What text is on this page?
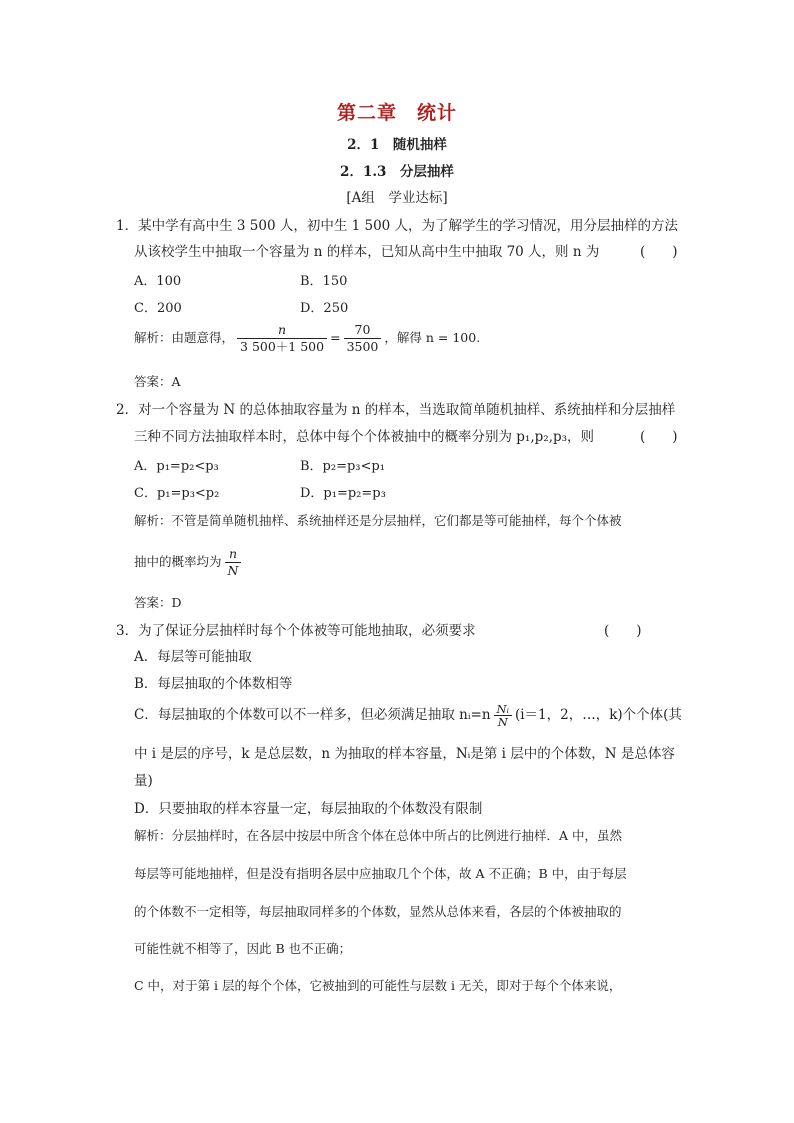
第二章　统计
2．1　随机抽样
2．1.3　分层抽样
[A组　学业达标]
1．某中学有高中生 3 500 人，初中生 1 500 人，为了解学生的学习情况，用分层抽样的方法
从该校学生中抽取一个容量为 n 的样本，已知从高中生中抽取 70 人，则 n 为	(　　)
A．100	B．150
C．200	D．250
解析：由题意得， $\frac{n}{3 500+1 500} = \frac{70}{3500}$ ，解得 n = 100.
答案：A
2．对一个容量为 N 的总体抽取容量为 n 的样本，当选取简单随机抽样、系统抽样和分层抽样
三种不同方法抽取样本时，总体中每个个体被抽中的概率分别为 p₁,p₂,p₃，则	(　　)
A．p₁=p₂<p₃	B．p₂=p₃<p₁
C．p₁=p₃<p₂	D．p₁=p₂=p₃
解析：不管是简单随机抽样、系统抽样还是分层抽样，它们都是等可能抽样，每个个体被
抽中的概率均为 $\frac{n}{N}$
答案：D
3．为了保证分层抽样时每个个体被等可能地抽取，必须要求	(　　)
A．每层等可能抽取
B．每层抽取的个体数相等
C．每层抽取的个体数可以不一样多，但必须满足抽取 nᵢ=n $\frac{\text{Nᵢ}}{N} (i=1$，2，…，k)个个体(其
中 i 是层的序号，k 是总层数，n 为抽取的样本容量，Nᵢ是第 i 层中的个体数，N 是总体容
量)
D．只要抽取的样本容量一定，每层抽取的个体数没有限制
解析：分层抽样时，在各层中按层中所含个体在总体中所占的比例进行抽样．A 中，虽然
每层等可能地抽样，但是没有指明各层中应抽取几个个体，故 A 不正确；B 中，由于每层
的个体数不一定相等，每层抽取同样多的个体数，显然从总体来看，各层的个体被抽取的
可能性就不相等了，因此 B 也不正确；
C 中，对于第 i 层的每个个体，它被抽到的可能性与层数 i 无关，即对于每个个体来说，
